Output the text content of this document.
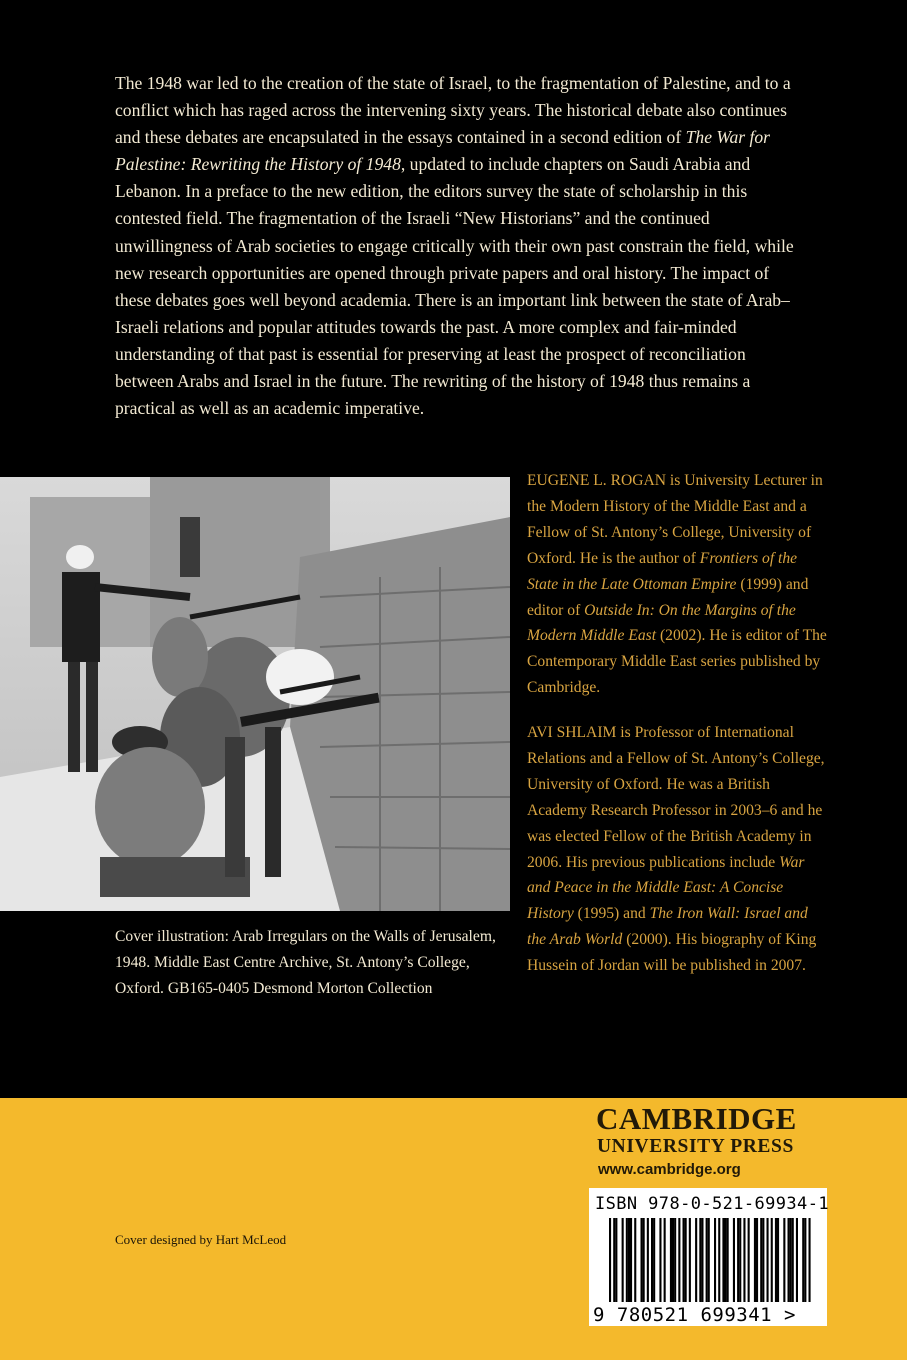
The 1948 war led to the creation of the state of Israel, to the fragmentation of Palestine, and to a conflict which has raged across the intervening sixty years. The historical debate also continues and these debates are encapsulated in the essays contained in a second edition of The War for Palestine: Rewriting the History of 1948, updated to include chapters on Saudi Arabia and Lebanon. In a preface to the new edition, the editors survey the state of scholarship in this contested field. The fragmentation of the Israeli “New Historians” and the continued unwillingness of Arab societies to engage critically with their own past constrain the field, while new research opportunities are opened through private papers and oral history. The impact of these debates goes well beyond academia. There is an important link between the state of Arab–Israeli relations and popular attitudes towards the past. A more complex and fair-minded understanding of that past is essential for preserving at least the prospect of reconciliation between Arabs and Israel in the future. The rewriting of the history of 1948 thus remains a practical as well as an academic imperative.

Cover illustration: Arab Irregulars on the Walls of Jerusalem, 1948. Middle East Centre Archive, St. Antony’s College, Oxford. GB165-0405 Desmond Morton Collection

EUGENE L. ROGAN is University Lecturer in the Modern History of the Middle East and a Fellow of St. Antony’s College, University of Oxford. He is the author of Frontiers of the State in the Late Ottoman Empire (1999) and editor of Outside In: On the Margins of the Modern Middle East (2002). He is editor of The Contemporary Middle East series published by Cambridge.

AVI SHLAIM is Professor of International Relations and a Fellow of St. Antony’s College, University of Oxford. He was a British Academy Research Professor in 2003–6 and he was elected Fellow of the British Academy in 2006. His previous publications include War and Peace in the Middle East: A Concise History (1995) and The Iron Wall: Israel and the Arab World (2000). His biography of King Hussein of Jordan will be published in 2007.

CAMBRIDGE
UNIVERSITY PRESS
www.cambridge.org
ISBN 978-0-521-69934-1
9 780521 699341 >
Cover designed by Hart McLeod
